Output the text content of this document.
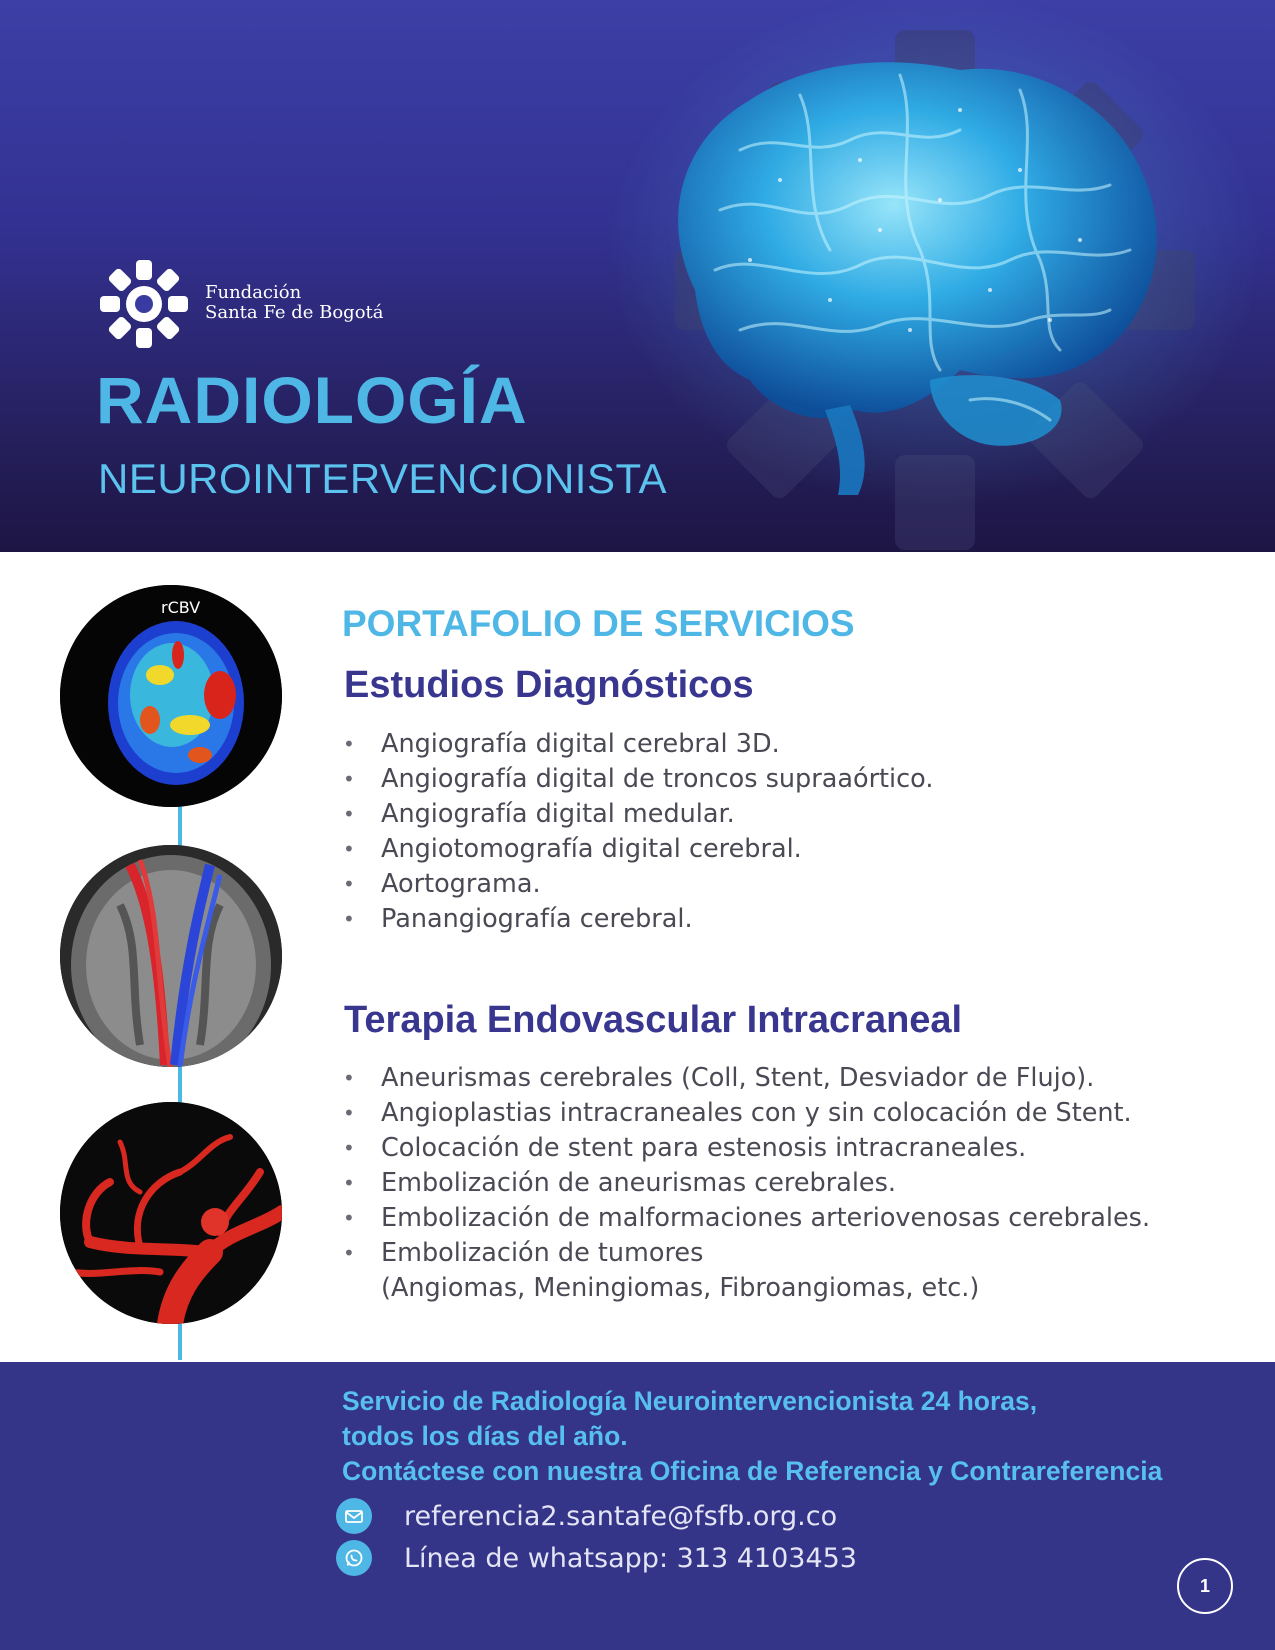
Fundación
Santa Fe de Bogotá
RADIOLOGÍA
NEUROINTERVENCIONISTA
rCBV	PORTAFOLIO DE SERVICIOS
Estudios Diagnósticos
• Angiografía digital cerebral 3D.
• Angiografía digital de troncos supraaórtico.
• Angiografía digital medular.
• Angiotomografía digital cerebral.
• Aortograma.
• Panangiografía cerebral.
Terapia Endovascular Intracraneal
• Aneurismas cerebrales (Coll, Stent, Desviador de Flujo).
• Angioplastias intracraneales con y sin colocación de Stent.
• Colocación de stent para estenosis intracraneales.
• Embolización de aneurismas cerebrales.
• Embolización de malformaciones arteriovenosas cerebrales.
• Embolización de tumores
(Angiomas, Meningiomas, Fibroangiomas, etc.)
Servicio de Radiología Neurointervencionista 24 horas,
todos los días del año.
Contáctese con nuestra Oficina de Referencia y Contrareferencia
referencia2.santafe@fsfb.org.co
Línea de whatsapp: 313 4103453
1
